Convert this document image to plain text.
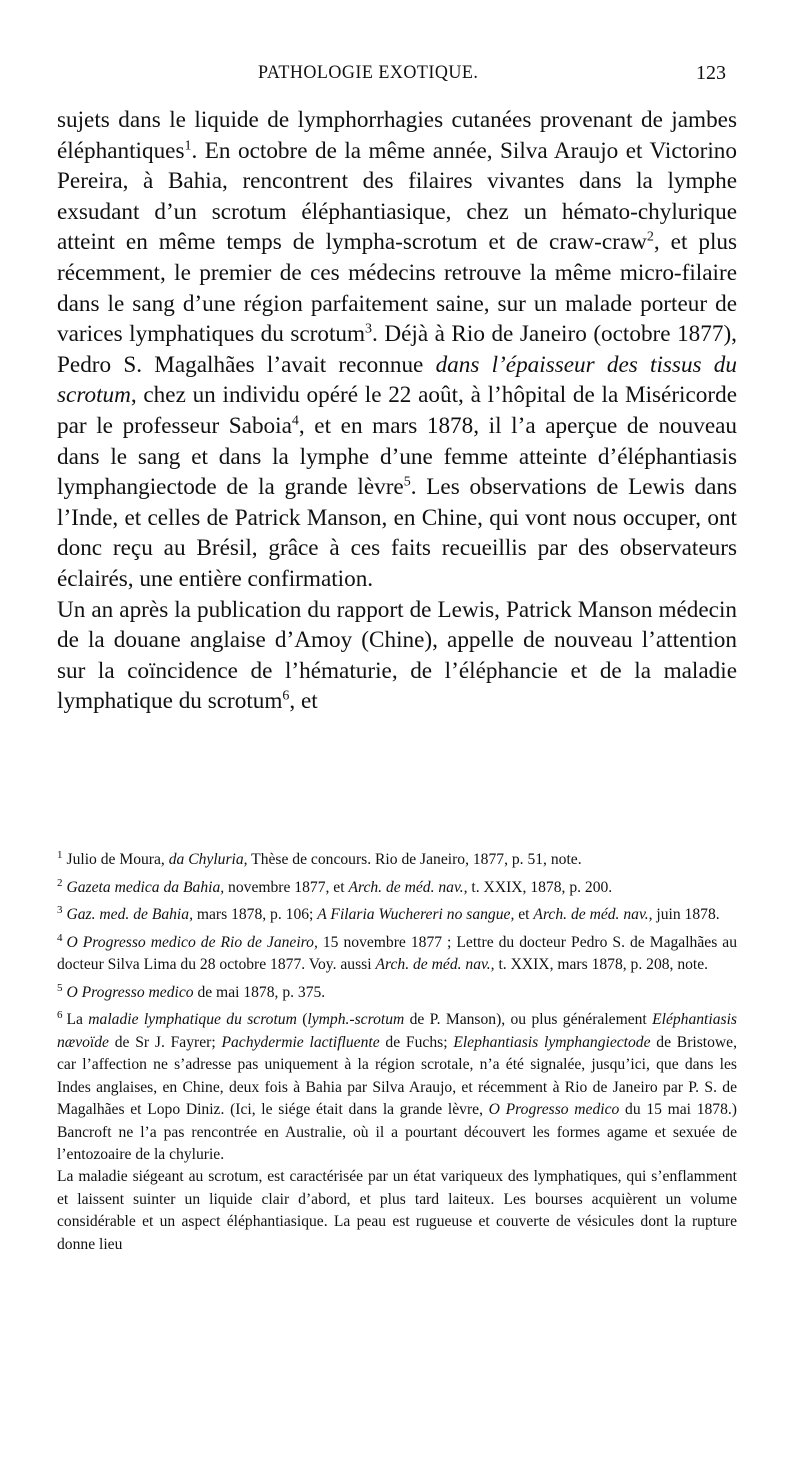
PATHOLOGIE EXOTIQUE.	123

sujets dans le liquide de lymphorrhagies cutanées provenant de jambes éléphantiques$^1$. En octobre de la même année, Silva Araujo et Victorino Pereira, à Bahia, rencontrent des filaires vivantes dans la lymphe exsudant d’un scrotum éléphantiasique, chez un hémato-chylurique atteint en même temps de lympha-scrotum et de craw-craw$^2$, et plus récemment, le premier de ces médecins retrouve la même micro-filaire dans le sang d’une région parfaitement saine, sur un malade porteur de varices lymphatiques du scrotum$^3$. Déjà à Rio de Janeiro (octobre 1877), Pedro S. Magalhães l’avait reconnue dans l’épaisseur des tissus du scrotum, chez un individu opéré le 22 août, à l’hôpital de la Miséricorde par le professeur Saboia$^4$, et en mars 1878, il l’a aperçue de nouveau dans le sang et dans la lymphe d’une femme atteinte d’éléphantiasis lymphangiectode de la grande lèvre$^5$. Les observations de Lewis dans l’Inde, et celles de Patrick Manson, en Chine, qui vont nous occuper, ont donc reçu au Brésil, grâce à ces faits recueillis par des observateurs éclairés, une entière confirmation.

Un an après la publication du rapport de Lewis, Patrick Manson médecin de la douane anglaise d’Amoy (Chine), appelle de nouveau l’attention sur la coïncidence de l’hématurie, de l’éléphancie et de la maladie lymphatique du scrotum$^6$, et

$^1$ Julio de Moura, da Chyluria, Thèse de concours. Rio de Janeiro, 1877, p. 51, note.

$^2$ Gazeta medica da Bahia, novembre 1877, et Arch. de méd. nav., t. XXIX, 1878, p. 200.

$^3$ Gaz. med. de Bahia, mars 1878, p. 106; A Filaria Wuchereri no sangue, et Arch. de méd. nav., juin 1878.

$^4$ O Progresso medico de Rio de Janeiro, 15 novembre 1877 ; Lettre du docteur Pedro S. de Magalhães au docteur Silva Lima du 28 octobre 1877. Voy. aussi Arch. de méd. nav., t. XXIX, mars 1878, p. 208, note.

$^5$ O Progresso medico de mai 1878, p. 375.

$^6$ La maladie lymphatique du scrotum (lymph.-scrotum de P. Manson), ou plus généralement Eléphantiasis nævoïde de Sr J. Fayrer; Pachydermie lactifluente de Fuchs; Elephantiasis lymphangiectode de Bristowe, car l’affection ne s’adresse pas uniquement à la région scrotale, n’a été signalée, jusqu’ici, que dans les Indes anglaises, en Chine, deux fois à Bahia par Silva Araujo, et récemment à Rio de Janeiro par P. S. de Magalhães et Lopo Diniz. (Ici, le siége était dans la grande lèvre, O Progresso medico du 15 mai 1878.) Bancroft ne l’a pas rencontrée en Australie, où il a pourtant découvert les formes agame et sexuée de l’entozoaire de la chylurie.

La maladie siégeant au scrotum, est caractérisée par un état variqueux des lymphatiques, qui s’enflamment et laissent suinter un liquide clair d’abord, et plus tard laiteux. Les bourses acquièrent un volume considérable et un aspect éléphantiasique. La peau est rugueuse et couverte de vésicules dont la rupture donne lieu
